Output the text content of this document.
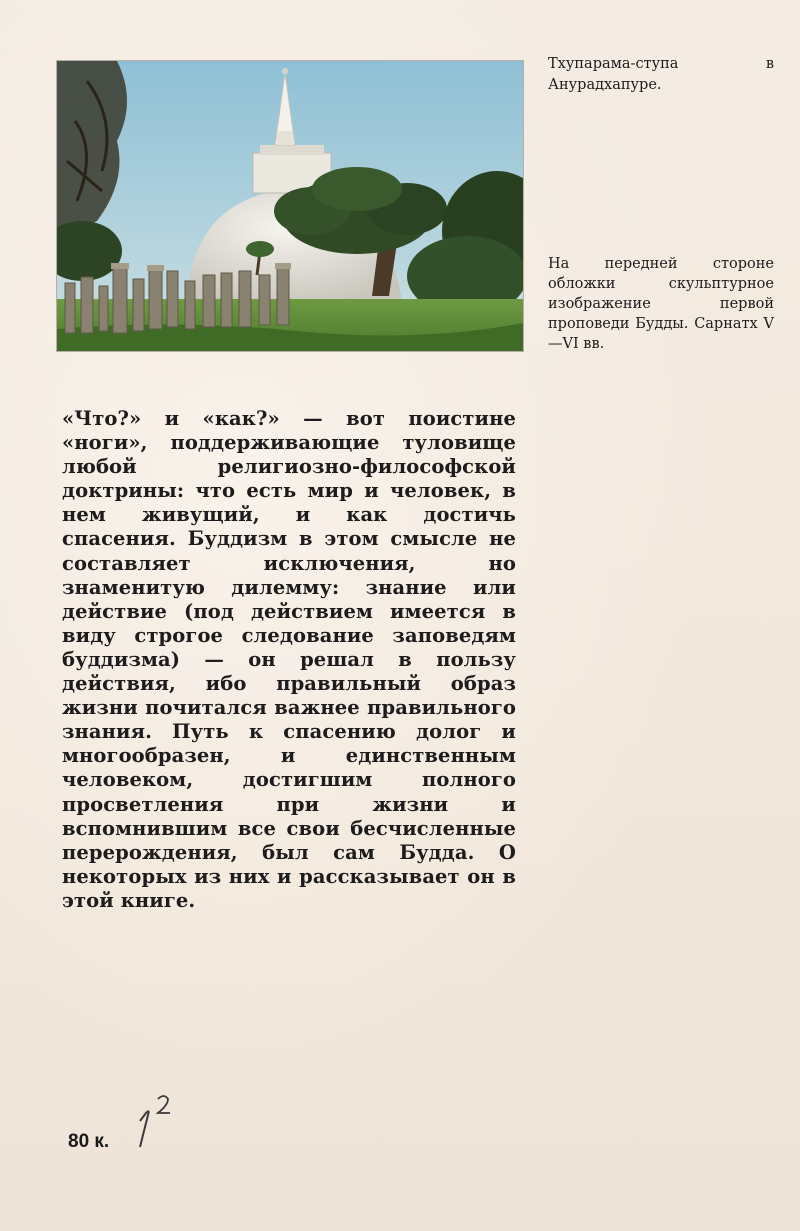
Тхупарама-ступа в Анурадхапуре.
На передней стороне обложки скульптурное изображение первой проповеди Будды. Сарнатх V—VI вв.
«Что?» и «как?» — вот поистине «ноги», поддерживающие туловище любой религиозно-философской доктрины: что есть мир и человек, в нем живущий, и как достичь спасения. Буддизм в этом смысле не составляет исключения, но знаменитую дилемму: знание или действие (под действием имеется в виду строгое следование заповедям буддизма) — он решал в пользу действия, ибо правильный образ жизни почитался важнее правильного знания. Путь к спасению долог и многообразен, и единственным человеком, достигшим полного просветления при жизни и вспомнившим все свои бесчисленные перерождения, был сам Будда. О некоторых из них и рассказывает он в этой книге.
80 к.
